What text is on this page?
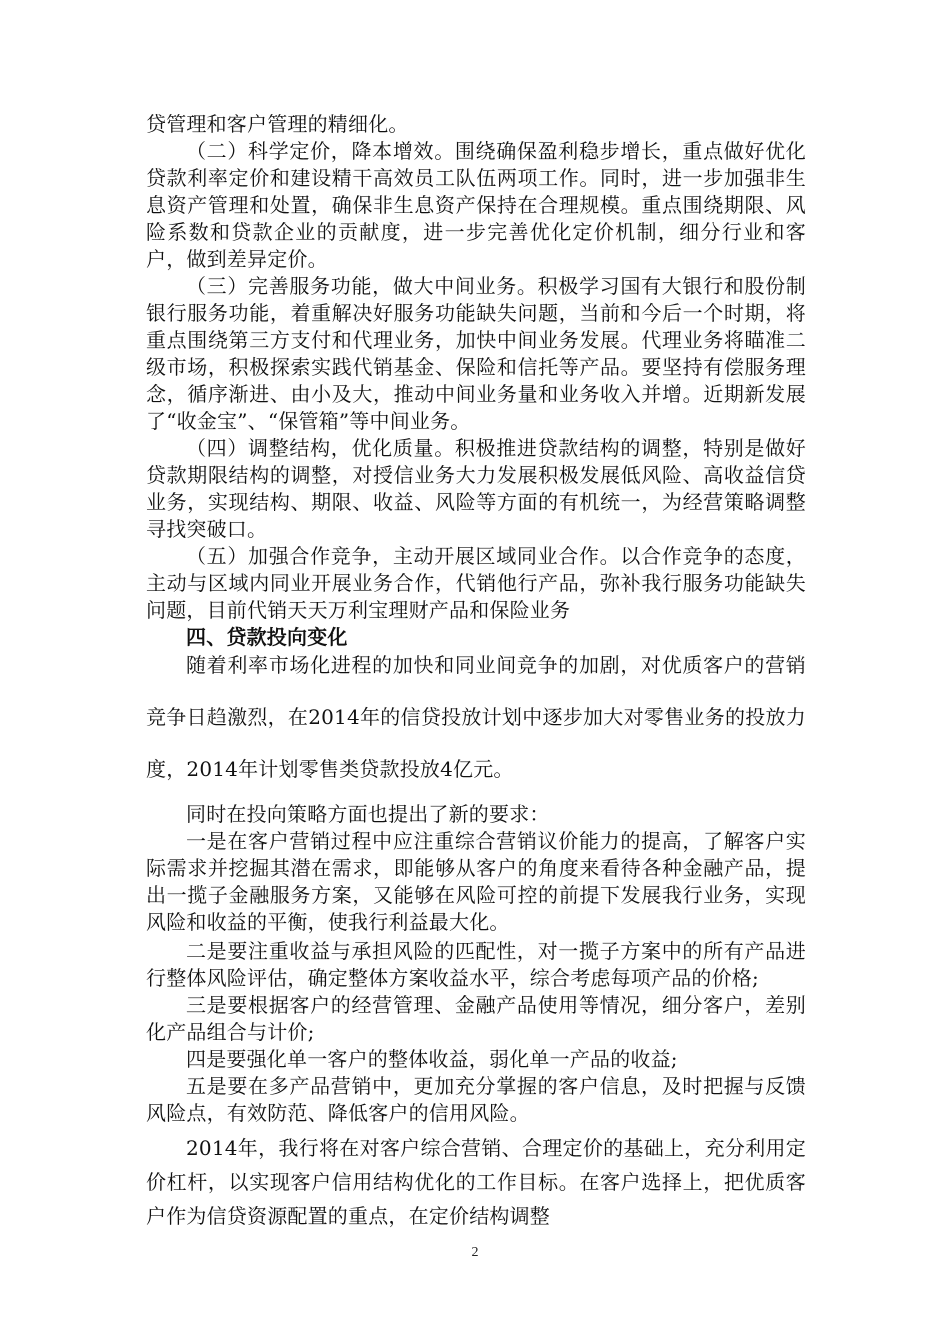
贷管理和客户管理的精细化。

（二）科学定价，降本增效。围绕确保盈利稳步增长，重点做好优化贷款利率定价和建设精干高效员工队伍两项工作。同时，进一步加强非生息资产管理和处置，确保非生息资产保持在合理规模。重点围绕期限、风险系数和贷款企业的贡献度，进一步完善优化定价机制，细分行业和客户，做到差异定价。

（三）完善服务功能，做大中间业务。积极学习国有大银行和股份制银行服务功能，着重解决好服务功能缺失问题，当前和今后一个时期，将重点围绕第三方支付和代理业务，加快中间业务发展。代理业务将瞄准二级市场，积极探索实践代销基金、保险和信托等产品。要坚持有偿服务理念，循序渐进、由小及大，推动中间业务量和业务收入并增。近期新发展了“收金宝”、“保管箱”等中间业务。

（四）调整结构，优化质量。积极推进贷款结构的调整，特别是做好贷款期限结构的调整，对授信业务大力发展积极发展低风险、高收益信贷业务，实现结构、期限、收益、风险等方面的有机统一，为经营策略调整寻找突破口。

（五）加强合作竞争，主动开展区域同业合作。以合作竞争的态度，主动与区域内同业开展业务合作，代销他行产品，弥补我行服务功能缺失问题，目前代销天天万利宝理财产品和保险业务

四、贷款投向变化

随着利率市场化进程的加快和同业间竞争的加剧，对优质客户的营销竞争日趋激烈，在2014年的信贷投放计划中逐步加大对零售业务的投放力度，2014年计划零售类贷款投放4亿元。

同时在投向策略方面也提出了新的要求：

一是在客户营销过程中应注重综合营销议价能力的提高，了解客户实际需求并挖掘其潜在需求，即能够从客户的角度来看待各种金融产品，提出一揽子金融服务方案，又能够在风险可控的前提下发展我行业务，实现风险和收益的平衡，使我行利益最大化。

二是要注重收益与承担风险的匹配性，对一揽子方案中的所有产品进行整体风险评估，确定整体方案收益水平，综合考虑每项产品的价格;

三是要根据客户的经营管理、金融产品使用等情况，细分客户，差别化产品组合与计价;

四是要强化单一客户的整体收益，弱化单一产品的收益;

五是要在多产品营销中，更加充分掌握的客户信息，及时把握与反馈风险点，有效防范、降低客户的信用风险。

2014年，我行将在对客户综合营销、合理定价的基础上，充分利用定价杠杆，以实现客户信用结构优化的工作目标。在客户选择上，把优质客户作为信贷资源配置的重点，在定价结构调整

2
